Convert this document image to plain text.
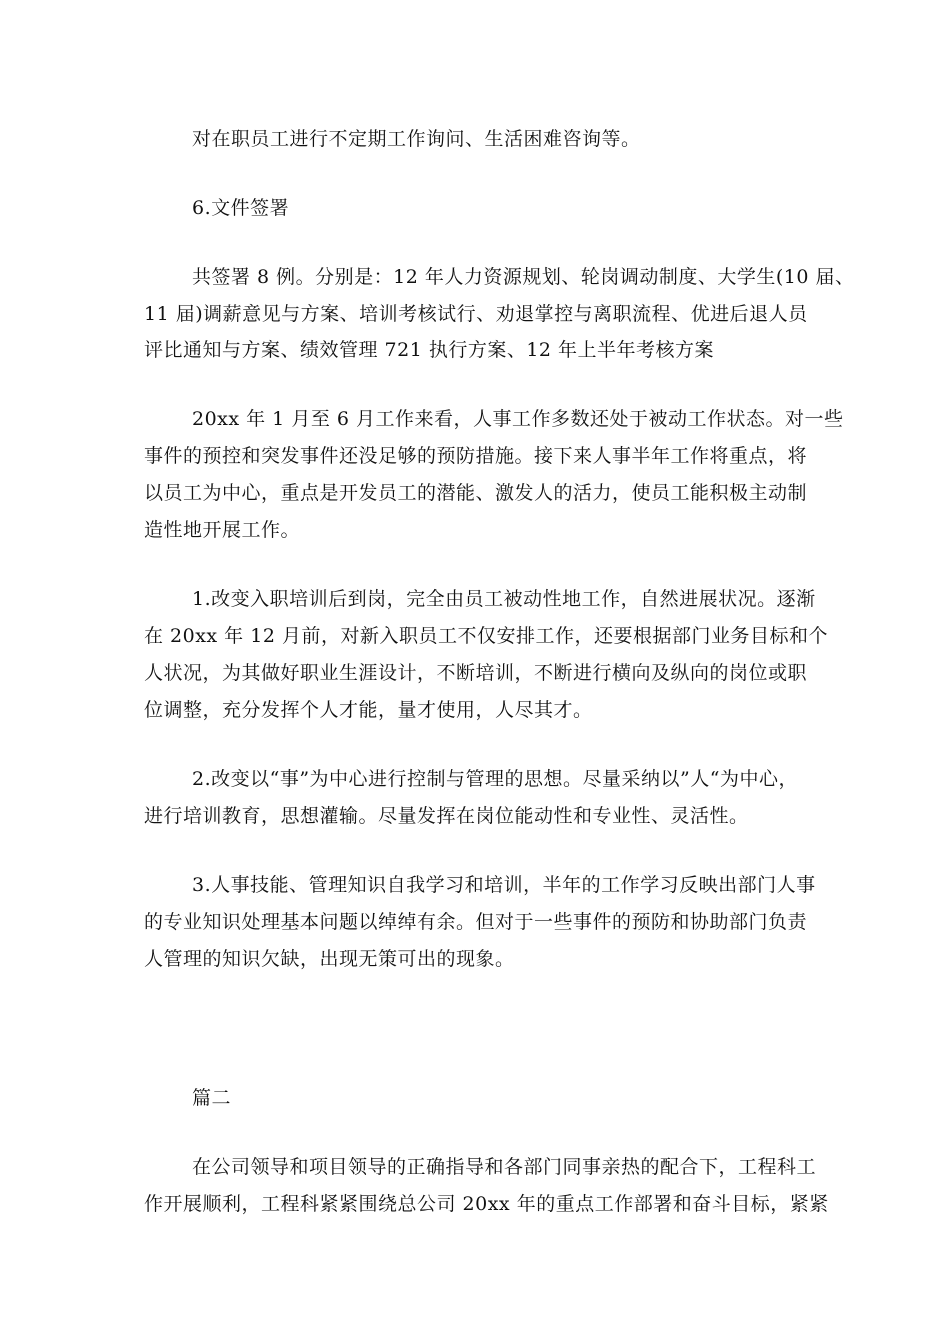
对在职员工进行不定期工作询问、生活困难咨询等。
6.文件签署
共签署 8 例。分别是：12 年人力资源规划、轮岗调动制度、大学生(10 届、
11 届)调薪意见与方案、培训考核试行、劝退掌控与离职流程、优进后退人员
评比通知与方案、绩效管理 721 执行方案、12 年上半年考核方案
20xx 年 1 月至 6 月工作来看，人事工作多数还处于被动工作状态。对一些
事件的预控和突发事件还没足够的预防措施。接下来人事半年工作将重点，将
以员工为中心，重点是开发员工的潜能、激发人的活力，使员工能积极主动制
造性地开展工作。
1.改变入职培训后到岗，完全由员工被动性地工作，自然进展状况。逐渐
在 20xx 年 12 月前，对新入职员工不仅安排工作，还要根据部门业务目标和个
人状况，为其做好职业生涯设计，不断培训，不断进行横向及纵向的岗位或职
位调整，充分发挥个人才能，量才使用，人尽其才。
2.改变以“事”为中心进行控制与管理的思想。尽量采纳以”人“为中心，
进行培训教育，思想灌输。尽量发挥在岗位能动性和专业性、灵活性。
3.人事技能、管理知识自我学习和培训，半年的工作学习反映出部门人事
的专业知识处理基本问题以绰绰有余。但对于一些事件的预防和协助部门负责
人管理的知识欠缺，出现无策可出的现象。
篇二
在公司领导和项目领导的正确指导和各部门同事亲热的配合下，工程科工
作开展顺利，工程科紧紧围绕总公司 20xx 年的重点工作部署和奋斗目标，紧紧
